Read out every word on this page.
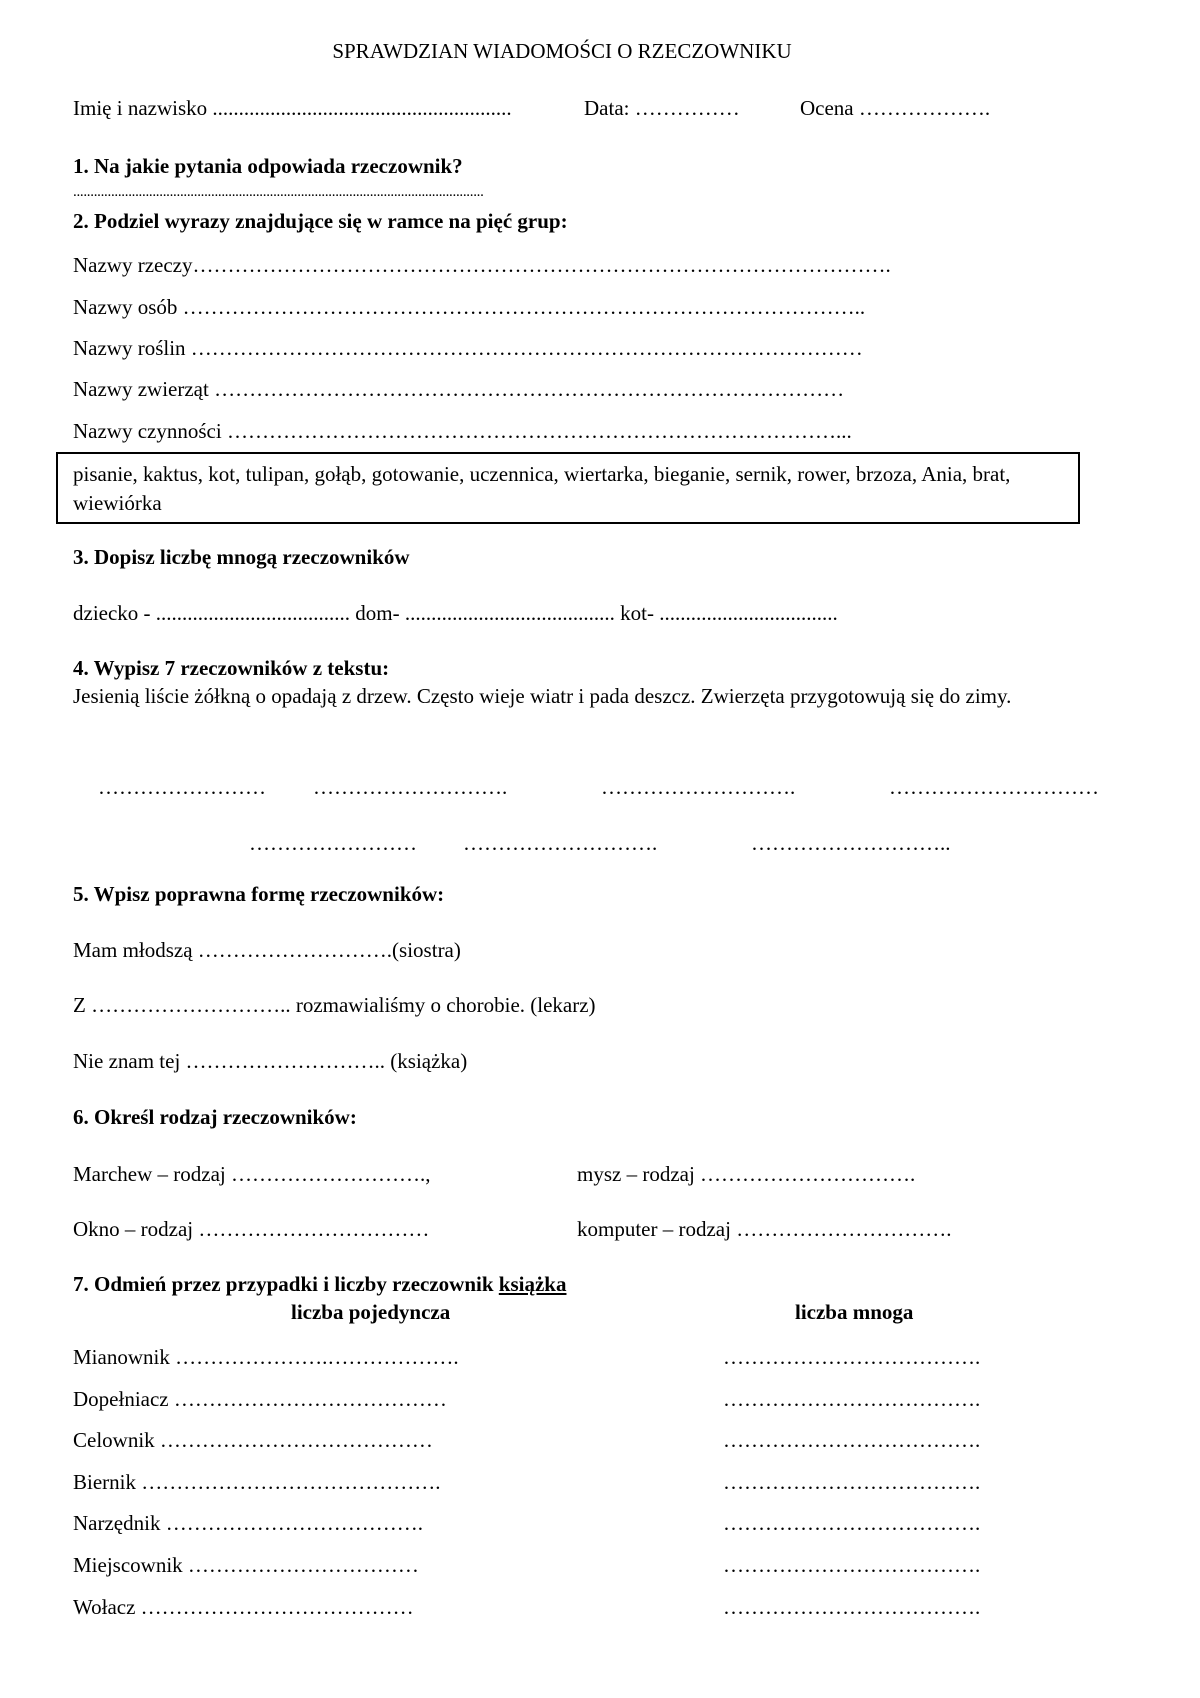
SPRAWDZIAN WIADOMOŚCI O RZECZOWNIKU
Imię i nazwisko .........................................................	Data: ……………	Ocena ……………….
1. Na jakie pytania odpowiada rzeczownik?
.......................................................................................................................
2. Podziel wyrazy znajdujące się w ramce na pięć grup:
Nazwy rzeczy……………………………………………………………………………………….
Nazwy osób ……………………………………………………………………………………..
Nazwy roślin ……………………………………………………………………………………
Nazwy zwierząt ………………………………………………………………………………
Nazwy czynności ……………………………………………………………………………...
pisanie, kaktus, kot, tulipan, gołąb, gotowanie, uczennica, wiertarka, bieganie, sernik, rower, brzoza, Ania, brat, wiewiórka
3. Dopisz liczbę mnogą rzeczowników
dziecko - ..................................... dom- ........................................ kot- ..................................
4. Wypisz 7 rzeczowników z tekstu:
Jesienią liście żółkną o opadają z drzew. Często wieje wiatr i pada deszcz. Zwierzęta przygotowują się do zimy.
…………………… ……………………….	……………………….	…………………………
…………………… ……………………….	………………………..
5. Wpisz poprawna formę rzeczowników:
Mam młodszą ……………………….(siostra)
Z ……………………….. rozmawialiśmy o chorobie. (lekarz)
Nie znam tej ……………………….. (książka)
6. Określ rodzaj rzeczowników:
Marchew – rodzaj ……………………….,	mysz – rodzaj ………………………….
Okno – rodzaj ……………………………	komputer – rodzaj ………………………….
7. Odmień przez przypadki i liczby rzeczownik książka
liczba pojedyncza	liczba mnoga
Mianownik ………………….……………….	……………………………….
Dopełniacz …………………………………	……………………………….
Celownik …………………………………	……………………………….
Biernik …………………………………….	……………………………….
Narzędnik ……………………………….	……………………………….
Miejscownik ……………………………	……………………………….
Wołacz …………………………………	……………………………….
